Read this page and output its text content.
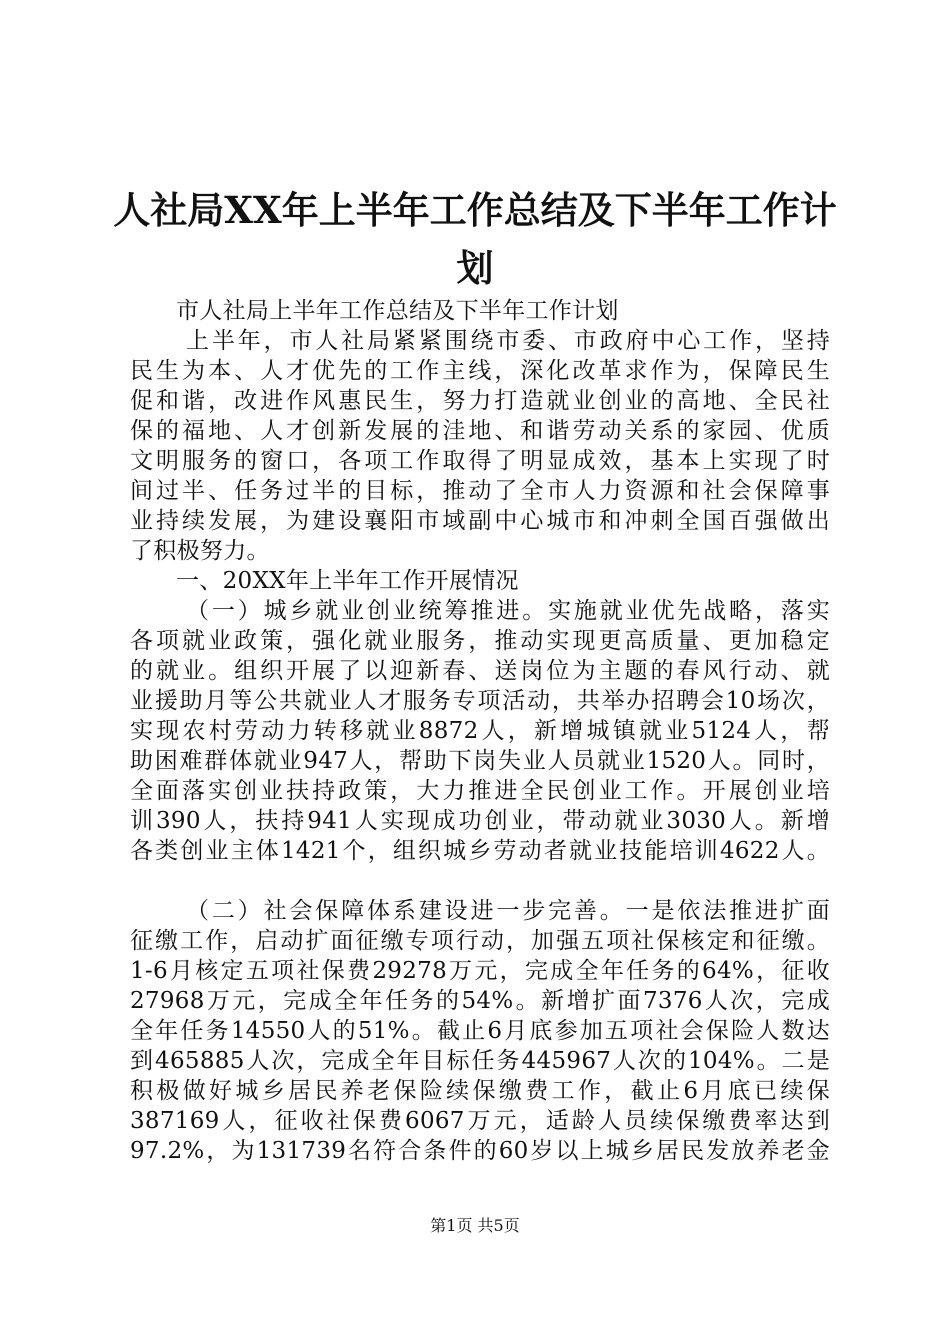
人社局XX年上半年工作总结及下半年工作计
划
市人社局上半年工作总结及下半年工作计划
上半年，市人社局紧紧围绕市委、市政府中心工作，坚持
民生为本、人才优先的工作主线，深化改革求作为，保障民生
促和谐，改进作风惠民生，努力打造就业创业的高地、全民社
保的福地、人才创新发展的洼地、和谐劳动关系的家园、优质
文明服务的窗口，各项工作取得了明显成效，基本上实现了时
间过半、任务过半的目标，推动了全市人力资源和社会保障事
业持续发展，为建设襄阳市域副中心城市和冲刺全国百强做出
了积极努力。
一、20XX年上半年工作开展情况
（一）城乡就业创业统筹推进。实施就业优先战略，落实
各项就业政策，强化就业服务，推动实现更高质量、更加稳定
的就业。组织开展了以迎新春、送岗位为主题的春风行动、就
业援助月等公共就业人才服务专项活动，共举办招聘会10场次，
实现农村劳动力转移就业8872人，新增城镇就业5124人，帮
助困难群体就业947人，帮助下岗失业人员就业1520人。同时，
全面落实创业扶持政策，大力推进全民创业工作。开展创业培
训390人，扶持941人实现成功创业，带动就业3030人。新增
各类创业主体1421个，组织城乡劳动者就业技能培训4622人。
（二）社会保障体系建设进一步完善。一是依法推进扩面
征缴工作，启动扩面征缴专项行动，加强五项社保核定和征缴。
1-6月核定五项社保费29278万元，完成全年任务的64%，征收
27968万元，完成全年任务的54%。新增扩面7376人次，完成
全年任务14550人的51%。截止6月底参加五项社会保险人数达
到465885人次，完成全年目标任务445967人次的104%。二是
积极做好城乡居民养老保险续保缴费工作，截止6月底已续保
387169人，征收社保费6067万元，适龄人员续保缴费率达到
97.2%，为131739名符合条件的60岁以上城乡居民发放养老金
第1页 共5页
